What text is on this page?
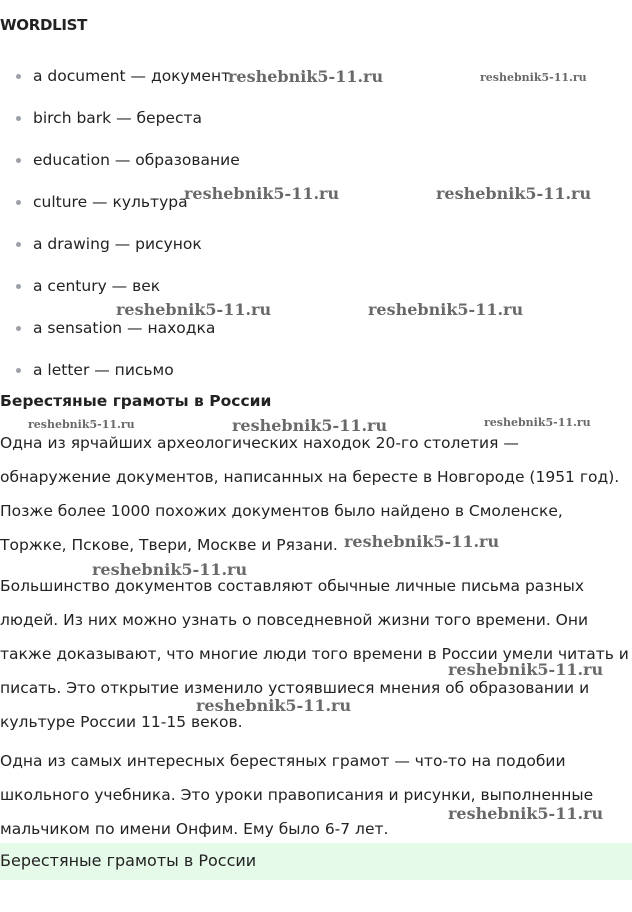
WORDLIST
a document — документ
birch bark — береста
education — образование
culture — культура
a drawing — рисунок
a century — век
a sensation — находка
a letter — письмо
Берестяные грамоты в России

Одна из ярчайших археологических находок 20-го столетия — обнаружение документов, написанных на бересте в Новгороде (1951 год). Позже более 1000 похожих документов было найдено в Смоленске, Торжке, Пскове, Твери, Москве и Рязани.

Большинство документов составляют обычные личные письма разных людей. Из них можно узнать о повседневной жизни того времени. Они также доказывают, что многие люди того времени в России умели читать и писать. Это открытие изменило устоявшиеся мнения об образовании и культуре России 11-15 веков.

Одна из самых интересных берестяных грамот — что-то на подобии школьного учебника. Это уроки правописания и рисунки, выполненные мальчиком по имени Онфим. Ему было 6-7 лет.

Берестяные грамоты в России
reshebnik5-11.ru	reshebnik5-11.ru
reshebnik5-11.ru	reshebnik5-11.ru
reshebnik5-11.ru	reshebnik5-11.ru
reshebnik5-11.ru	reshebnik5-11.ru	reshebnik5-11.ru
reshebnik5-11.ru
reshebnik5-11.ru
reshebnik5-11.ru
reshebnik5-11.ru
reshebnik5-11.ru
